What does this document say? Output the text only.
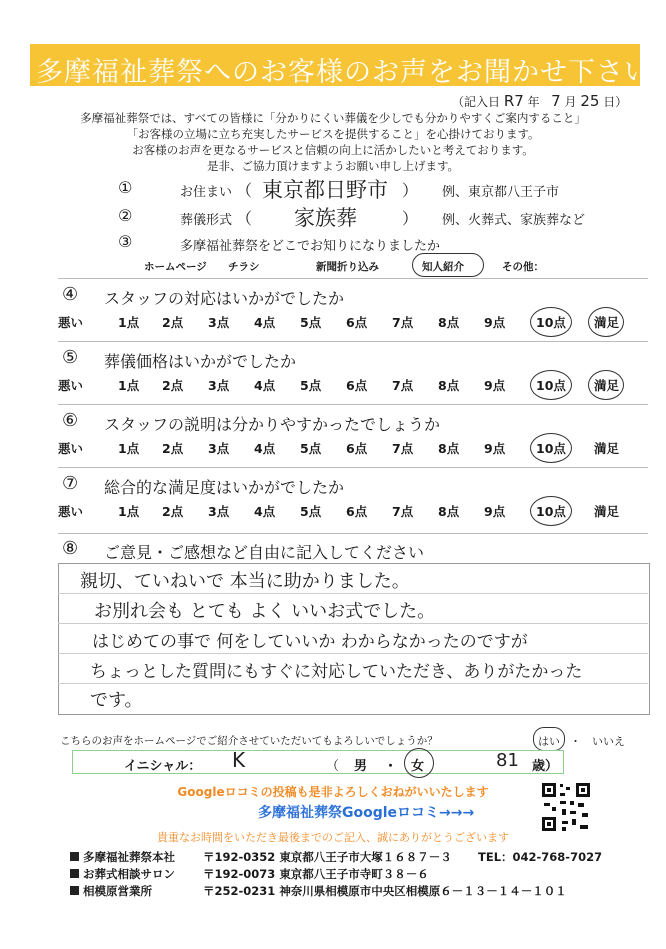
多摩福祉葬祭へのお客様のお声をお聞かせ下さい
（記入日 R7 年 7 月 25 日）
多摩福祉葬祭では、すべての皆様に「分かりにくい葬儀を少しでも分かりやすくご案内すること」
「お客様の立場に立ち充実したサービスを提供すること」を心掛けております。
お客様のお声を更なるサービスと信頼の向上に活かしたいと考えております。
是非、ご協力頂けますようお願い申し上げます。
①	お住まい （ 東京都日野市 ） 例、東京都八王子市
②	葬儀形式 （ 家族葬	） 例、火葬式、家族葬など
③	多摩福祉葬祭をどこでお知りになりましたか
ホームページ チラシ	新聞折り込み	知人紹介	その他：
④ スタッフの対応はいかがでしたか
悪い	1点 2点 3点 4点 5点 6点 7点 8点 9点 10点 満足
⑤ 葬儀価格はいかがでしたか
悪い	1点 2点 3点 4点 5点 6点 7点 8点 9点 10点 満足
⑥ スタッフの説明は分かりやすかったでしょうか
悪い	1点 2点 3点 4点 5点 6点 7点 8点 9点 10点 満足
⑦ 総合的な満足度はいかがでしたか
悪い	1点 2点 3点 4点 5点 6点 7点 8点 9点 10点 満足
⑧ ご意見・ご感想など自由に記入してください
親切、ていねいで 本当に助かりました。
お別れ会も とても よく いいお式でした。
はじめての事で 何をしていいか わからなかったのですが
ちょっとした質問にもすぐに対応していただき、ありがたかった
です。
こちらのお声をホームページでご紹介させていただいてもよろしいでしょうか？	はい ・ いいえ
イニシャル： K	（ 男 ・ 女	81 歳）
Googleロコミの投稿も是非よろしくおねがいいたします
多摩福祉葬祭Googleロコミ→→→
貴重なお時間をいただき最後までのご記入、誠にありがとうございます
多摩福祉葬祭本社 〒192-0352 東京都八王子市大塚１６８７－３ TEL：042-768-7027
お葬式相談サロン 〒192-0073 東京都八王子市寺町３８－６
相模原営業所	〒252-0231 神奈川県相模原市中央区相模原６－１３－１４－１０１
